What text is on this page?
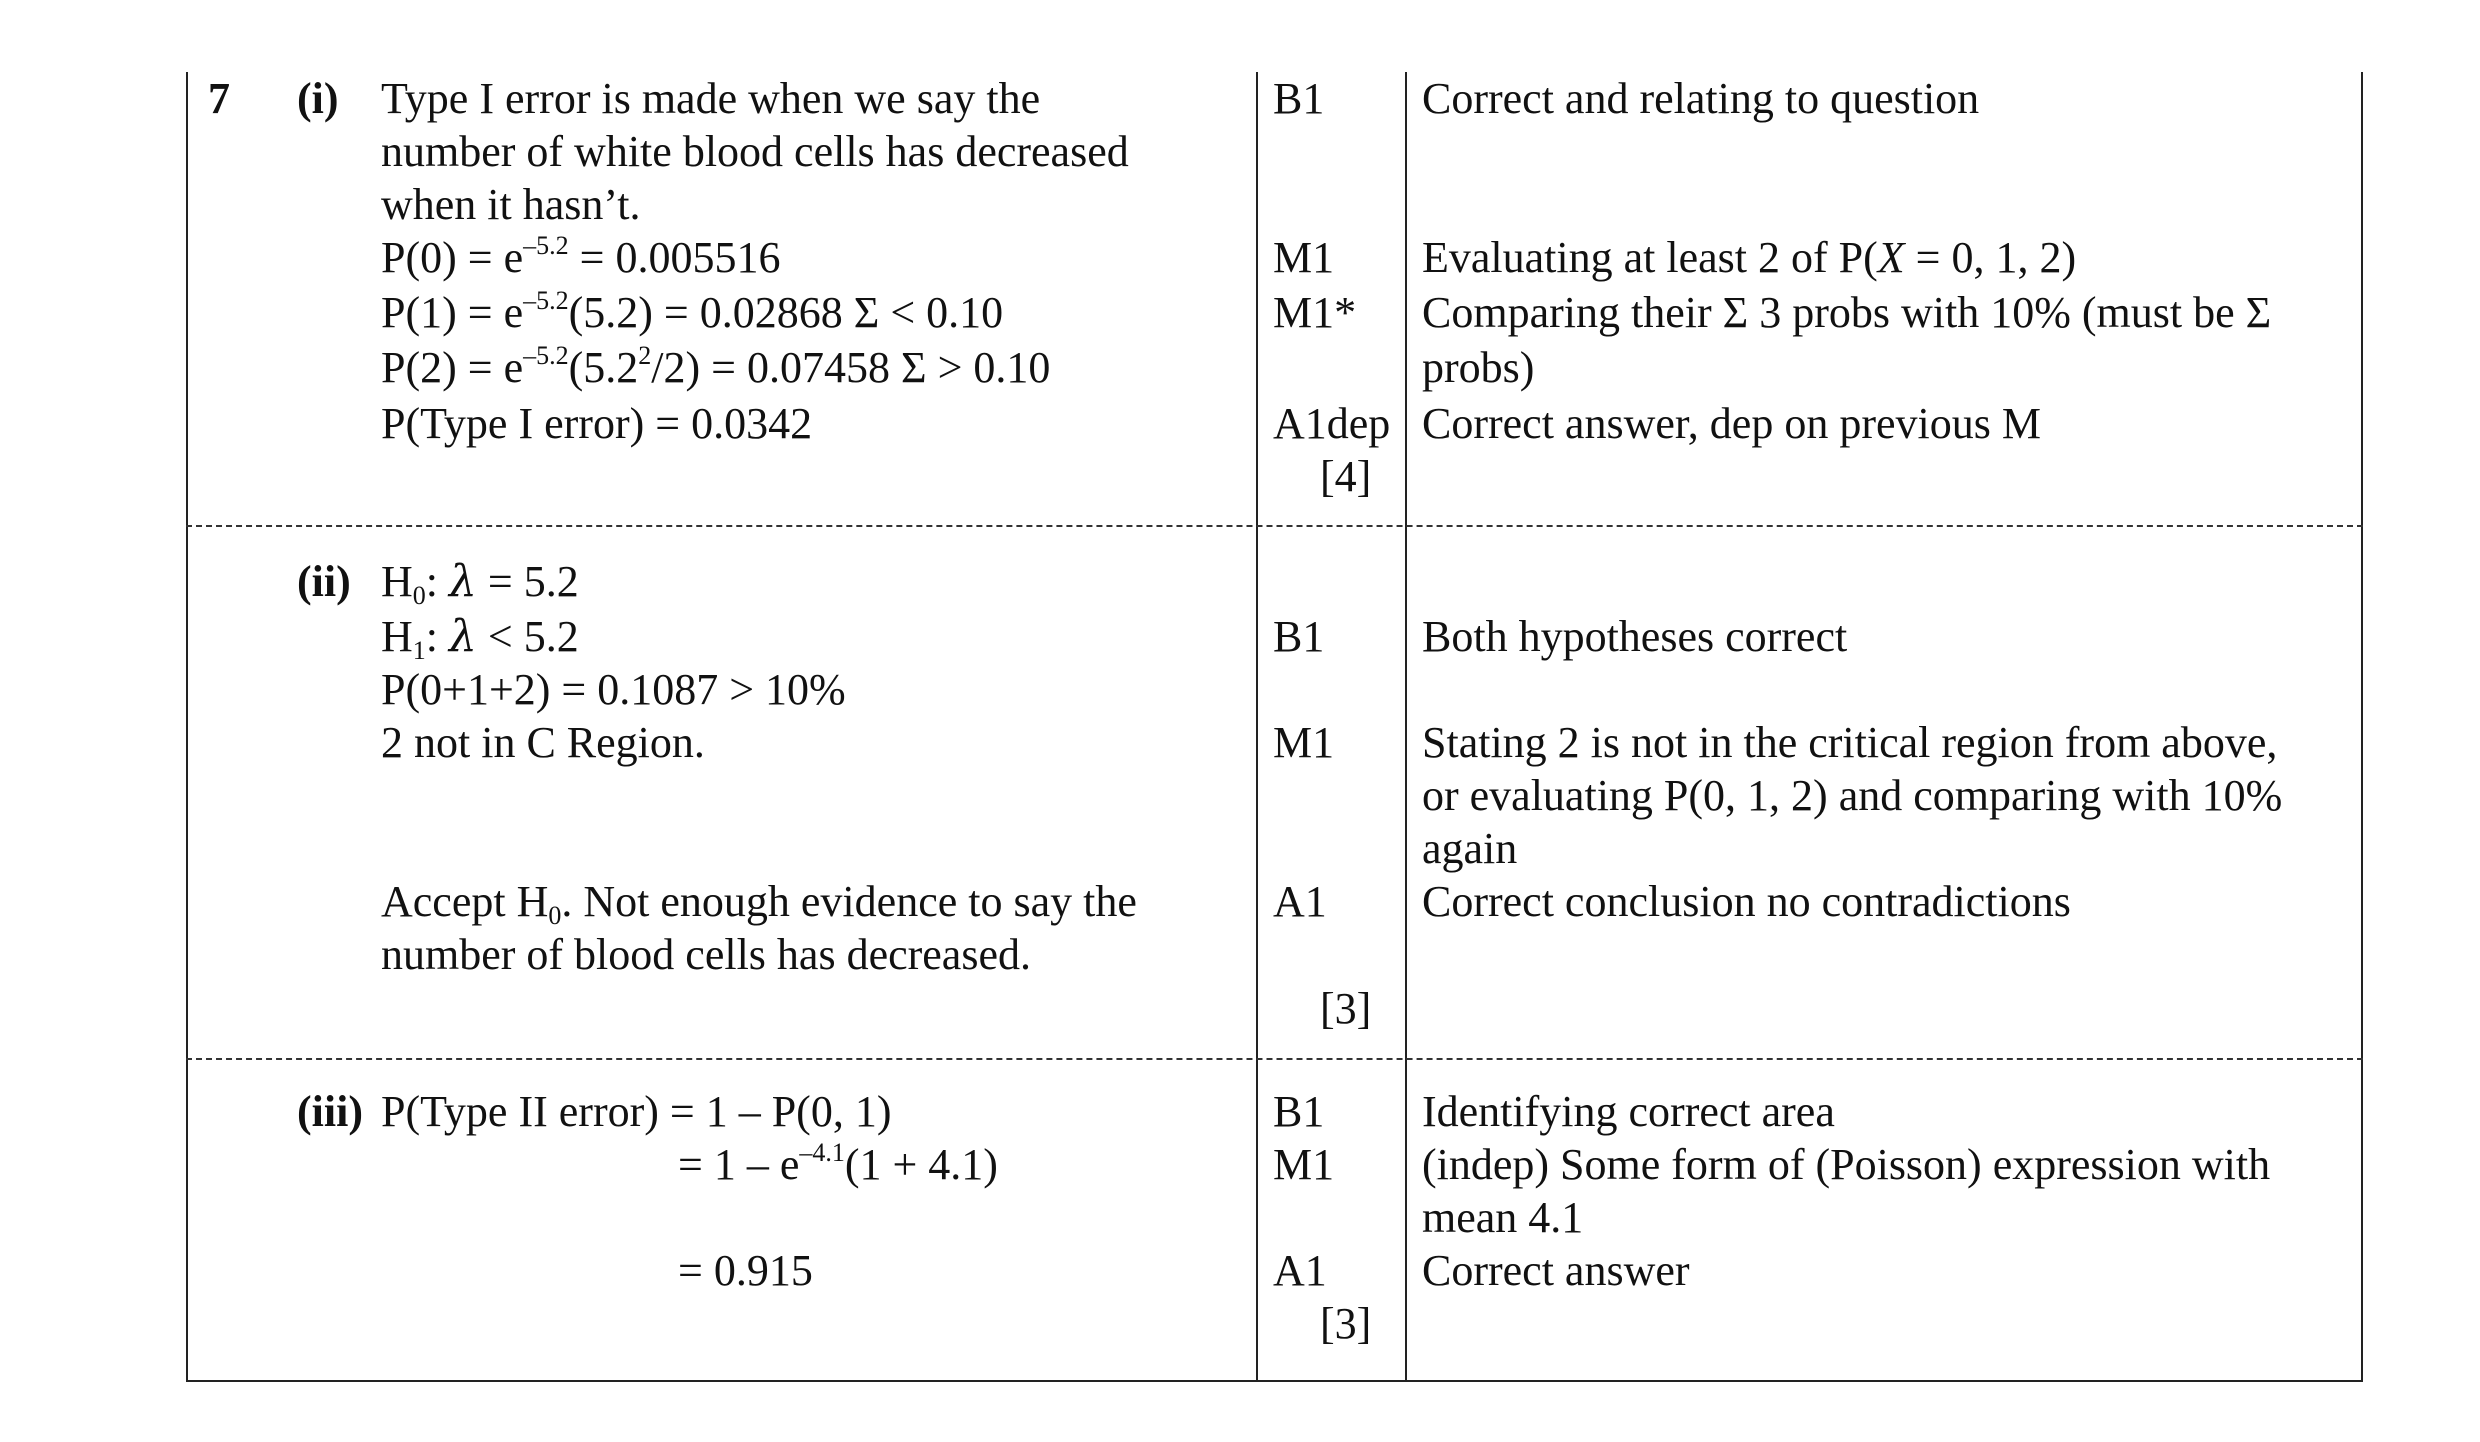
7 (i) Type I error is made when we say the
number of white blood cells has decreased
when it hasn’t.
$P(0) = e^{-5.2} = 0.005516$
$P(1) = e^{-5.2}(5.2) = 0.02868$ Σ < 0.10
$P(2) = e^{-5.2}(5.2^2/2) = 0.07458$ Σ > 0.10
P(Type I error) = 0.0342
B1
M1
M1*
A1dep
[4]
Correct and relating to question
Evaluating at least 2 of P(X = 0, 1, 2)
Comparing their Σ 3 probs with 10% (must be Σ
probs)
Correct answer, dep on previous M
(ii) $H_0$: λ = 5.2
$H_1$: λ < 5.2
P(0+1+2) = 0.1087 > 10%
2 not in C Region.
Accept $H_0$. Not enough evidence to say the
number of blood cells has decreased.
B1
M1
A1
[3]
Both hypotheses correct
Stating 2 is not in the critical region from above,
or evaluating P(0, 1, 2) and comparing with 10%
again
Correct conclusion no contradictions
(iii) P(Type II error) = 1 – P(0, 1)
= $1 - e^{-4.1}(1 + 4.1)$
= 0.915
B1
M1
A1
[3]
Identifying correct area
(indep) Some form of (Poisson) expression with
mean 4.1
Correct answer
